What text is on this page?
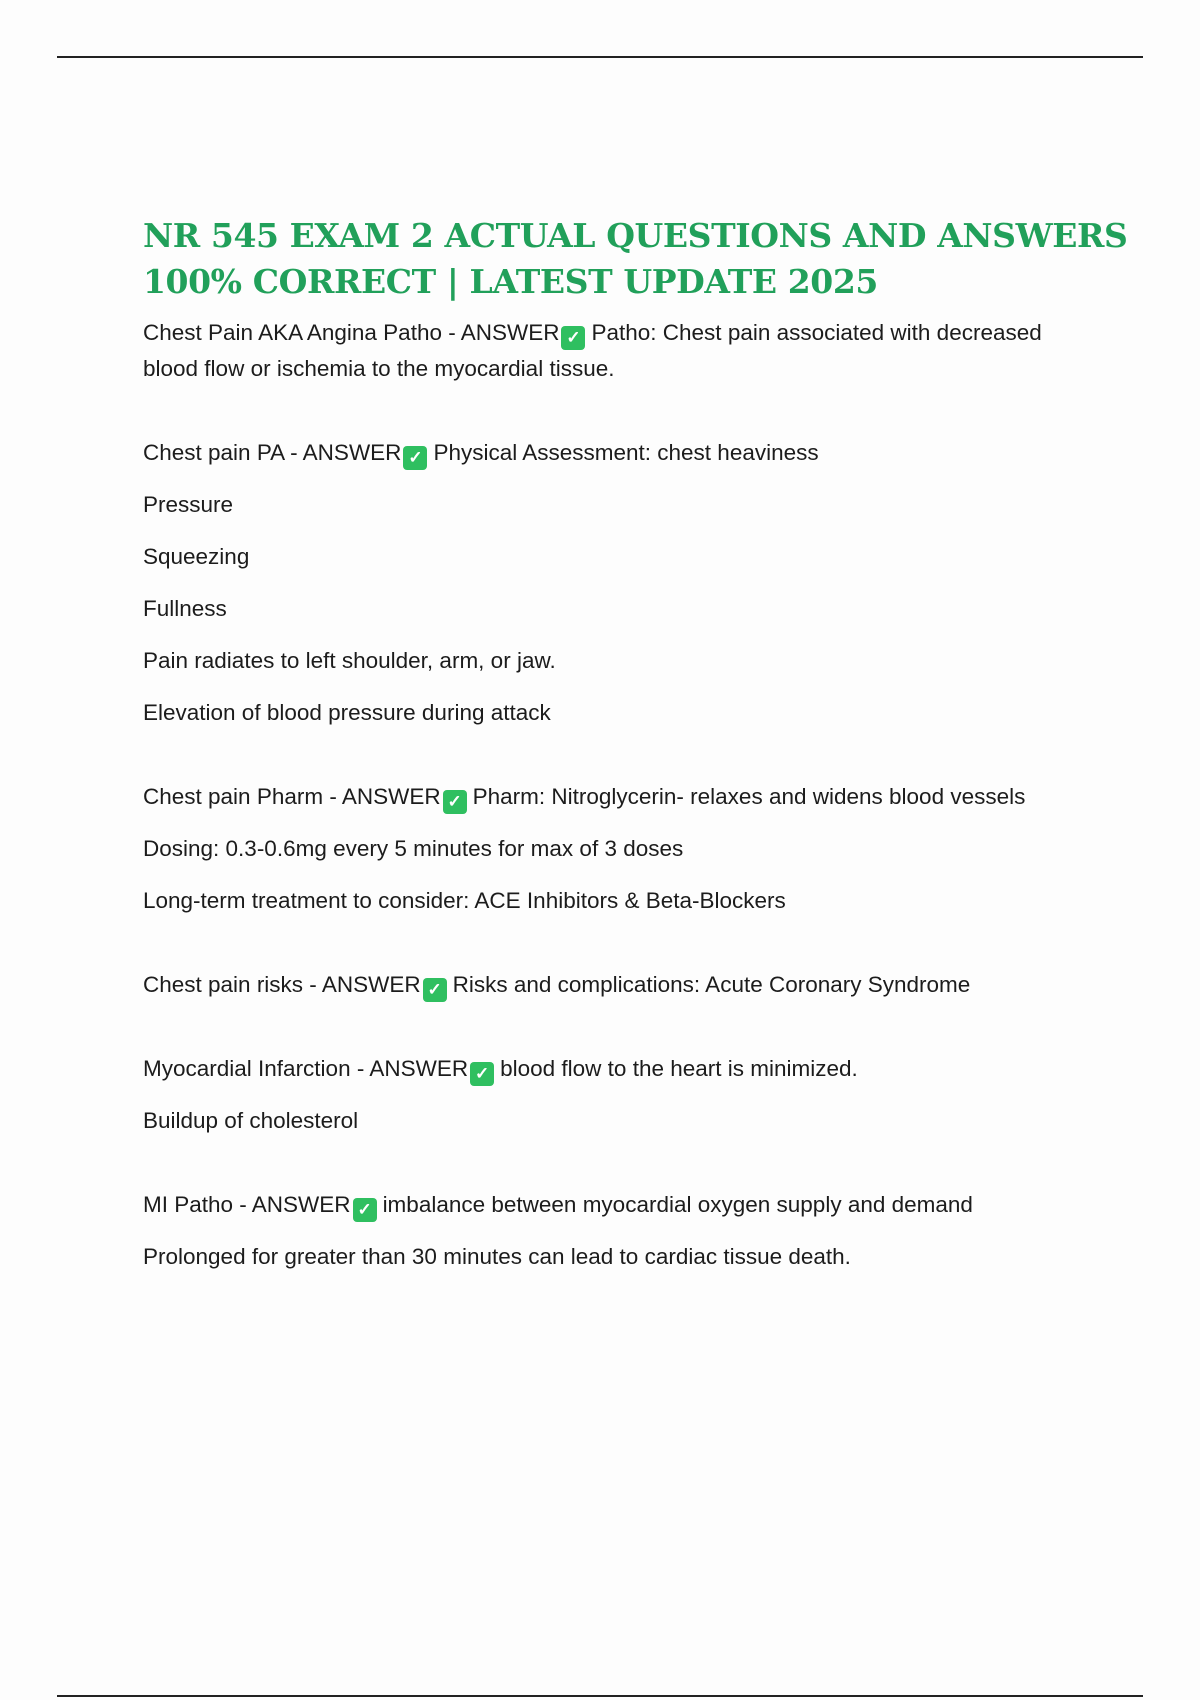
NR 545 EXAM 2 ACTUAL QUESTIONS AND ANSWERS
100% CORRECT | LATEST UPDATE 2025

Chest Pain AKA Angina Patho - ANSWER ✓ Patho: Chest pain associated with decreased blood flow or ischemia to the myocardial tissue.

Chest pain PA - ANSWER ✓ Physical Assessment: chest heaviness

Pressure

Squeezing

Fullness

Pain radiates to left shoulder, arm, or jaw.

Elevation of blood pressure during attack

Chest pain Pharm - ANSWER ✓ Pharm: Nitroglycerin- relaxes and widens blood vessels

Dosing: 0.3-0.6mg every 5 minutes for max of 3 doses

Long-term treatment to consider: ACE Inhibitors & Beta-Blockers

Chest pain risks - ANSWER ✓ Risks and complications: Acute Coronary Syndrome

Myocardial Infarction - ANSWER ✓ blood flow to the heart is minimized.

Buildup of cholesterol

MI Patho - ANSWER ✓ imbalance between myocardial oxygen supply and demand

Prolonged for greater than 30 minutes can lead to cardiac tissue death.
